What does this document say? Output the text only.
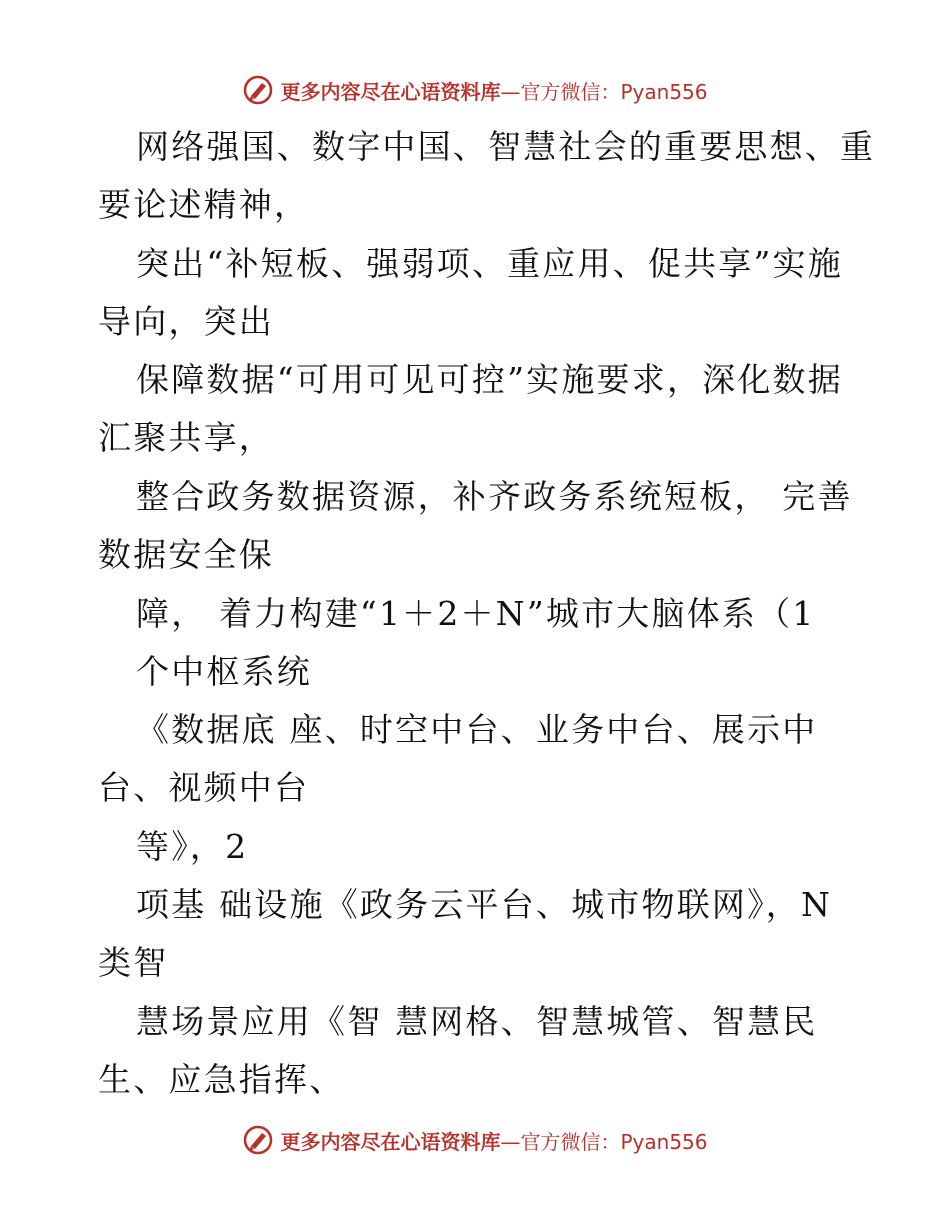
更多内容尽在心语资料库—官方微信：Pyan556
网络强国、数字中国、智慧社会的重要思想、重
要论述精神，
突出“补短板、强弱项、重应用、促共享”实施
导向，突出
保障数据“可用可见可控”实施要求，深化数据
汇聚共享，
整合政务数据资源，补齐政务系统短板， 完善
数据安全保
障， 着力构建“1＋2＋N”城市大脑体系（1
个中枢系统
《数据底 座、时空中台、业务中台、展示中
台、视频中台
等》，2
项基 础设施《政务云平台、城市物联网》，N
类智
慧场景应用《智 慧网格、智慧城管、智慧民
生、应急指挥、
更多内容尽在心语资料库—官方微信：Pyan556
